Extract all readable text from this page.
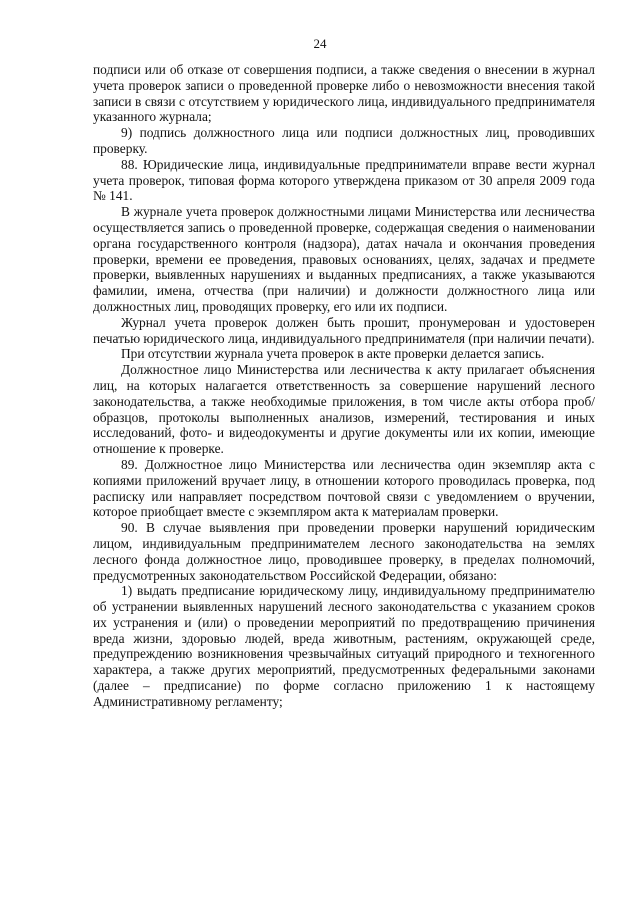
24

подписи или об отказе от совершения подписи, а также сведения о внесении в журнал учета проверок записи о проведенной проверке либо о невозможности внесения такой записи в связи с отсутствием у юридического лица, индивидуального предпринимателя указанного журнала;

9) подпись должностного лица или подписи должностных лиц, проводивших проверку.

88. Юридические лица, индивидуальные предприниматели вправе вести журнал учета проверок, типовая форма которого утверждена приказом от 30 апреля 2009 года № 141.

В журнале учета проверок должностными лицами Министерства или лесничества осуществляется запись о проведенной проверке, содержащая сведения о наименовании органа государственного контроля (надзора), датах начала и окончания проведения проверки, времени ее проведения, правовых основаниях, целях, задачах и предмете проверки, выявленных нарушениях и выданных предписаниях, а также указываются фамилии, имена, отчества (при наличии) и должности должностного лица или должностных лиц, проводящих проверку, его или их подписи.

Журнал учета проверок должен быть прошит, пронумерован и удостоверен печатью юридического лица, индивидуального предпринимателя (при наличии печати).

При отсутствии журнала учета проверок в акте проверки делается запись.

Должностное лицо Министерства или лесничества к акту прилагает объяснения лиц, на которых налагается ответственность за совершение нарушений лесного законодательства, а также необходимые приложения, в том числе акты отбора проб/образцов, протоколы выполненных анализов, измерений, тестирования и иных исследований, фото- и видеодокументы и другие документы или их копии, имеющие отношение к проверке.

89. Должностное лицо Министерства или лесничества один экземпляр акта с копиями приложений вручает лицу, в отношении которого проводилась проверка, под расписку или направляет посредством почтовой связи с уведомлением о вручении, которое приобщает вместе с экземпляром акта к материалам проверки.

90. В случае выявления при проведении проверки нарушений юридическим лицом, индивидуальным предпринимателем лесного законодательства на землях лесного фонда должностное лицо, проводившее проверку, в пределах полномочий, предусмотренных законодательством Российской Федерации, обязано:

1) выдать предписание юридическому лицу, индивидуальному предпринимателю об устранении выявленных нарушений лесного законодательства с указанием сроков их устранения и (или) о проведении мероприятий по предотвращению причинения вреда жизни, здоровью людей, вреда животным, растениям, окружающей среде, предупреждению возникновения чрезвычайных ситуаций природного и техногенного характера, а также других мероприятий, предусмотренных федеральными законами (далее – предписание) по форме согласно приложению 1 к настоящему Административному регламенту;
